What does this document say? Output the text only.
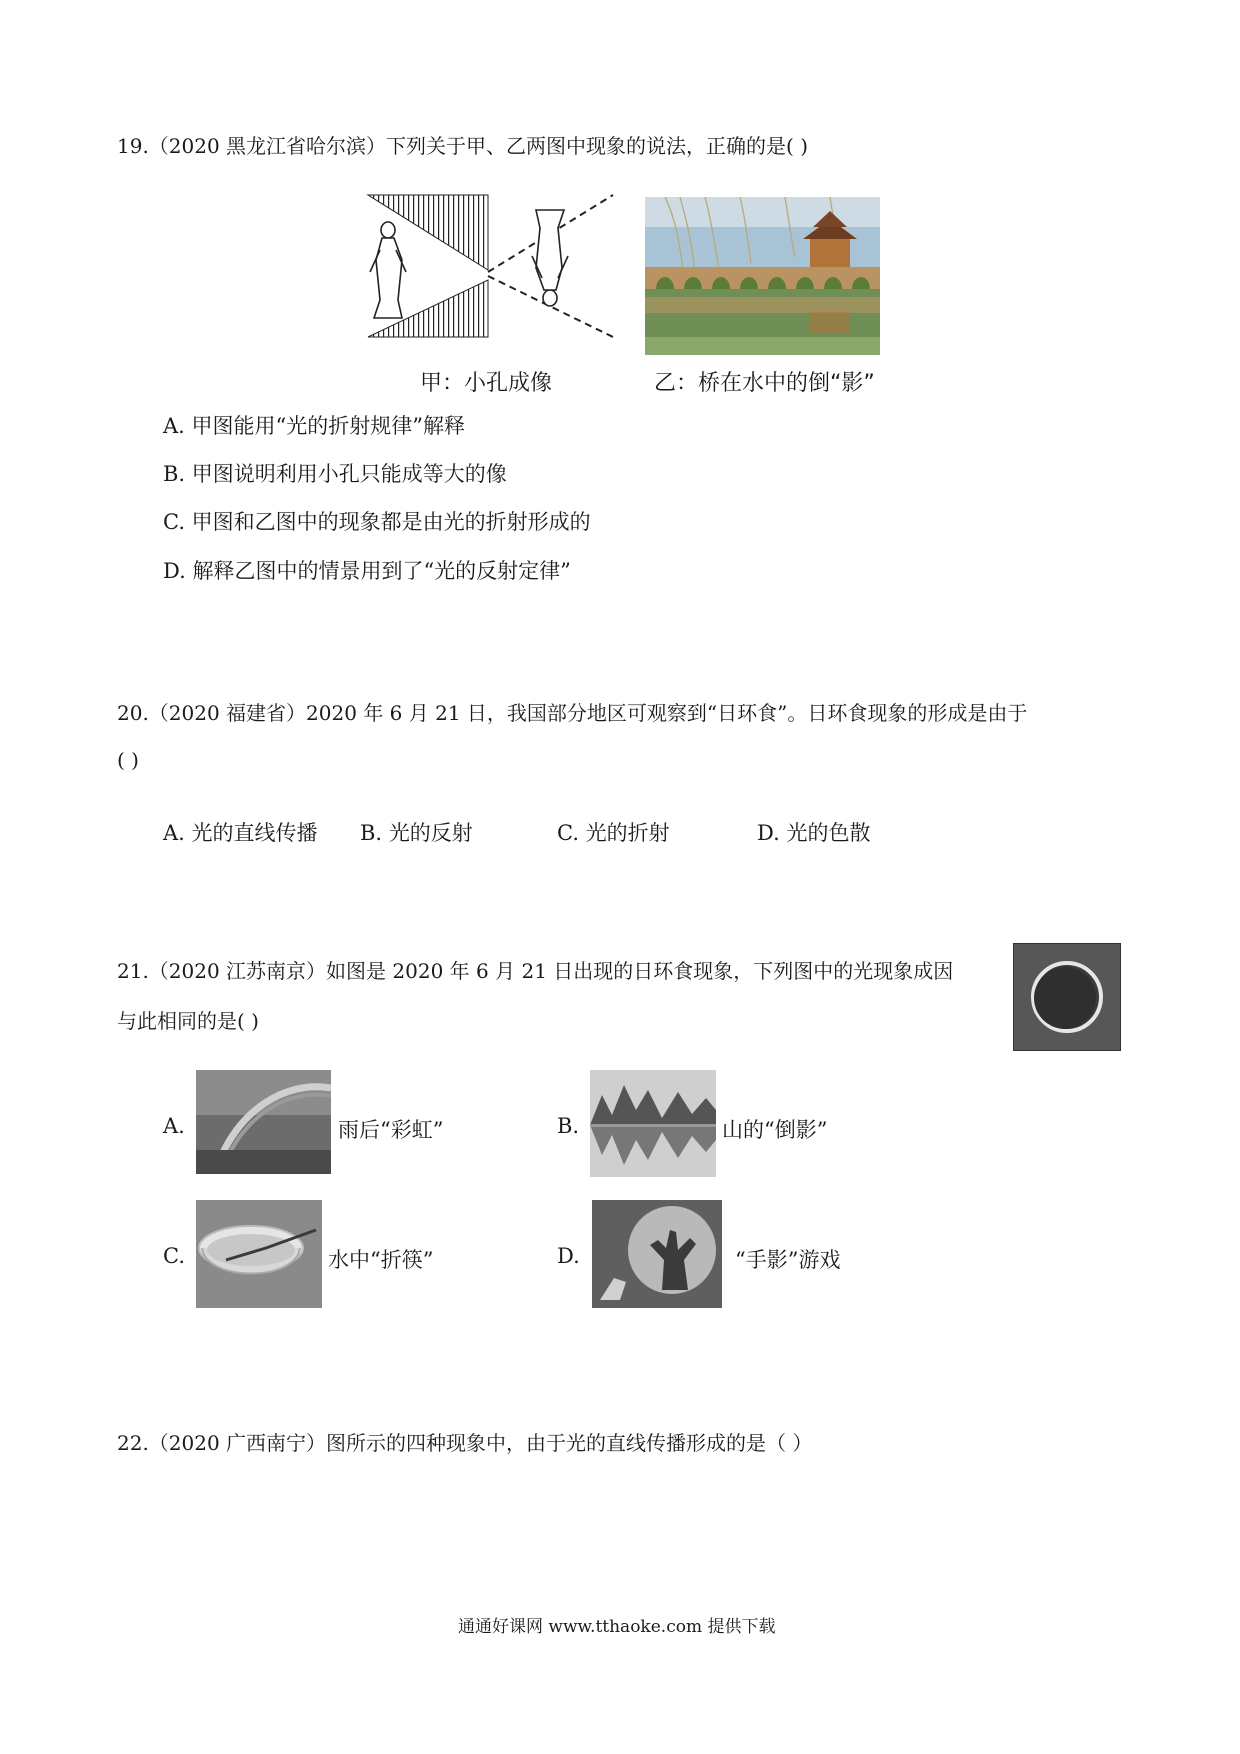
19.（2020 黑龙江省哈尔滨）下列关于甲、乙两图中现象的说法，正确的是( )
甲：小孔成像	乙：桥在水中的倒“影”
A. 甲图能用“光的折射规律”解释
B. 甲图说明利用小孔只能成等大的像
C. 甲图和乙图中的现象都是由光的折射形成的
D. 解释乙图中的情景用到了“光的反射定律”
20.（2020 福建省）2020 年 6 月 21 日，我国部分地区可观察到“日环食”。日环食现象的形成是由于
( )
A. 光的直线传播 B. 光的反射	C. 光的折射	D. 光的色散
21.（2020 江苏南京）如图是 2020 年 6 月 21 日出现的日环食现象，下列图中的光现象成因
与此相同的是( )
A.	雨后“彩虹”	B.	山的“倒影”
C.	水中“折筷”	D.	“手影”游戏
22.（2020 广西南宁）图所示的四种现象中，由于光的直线传播形成的是（ ）
通通好课网 www.tthaoke.com 提供下载
